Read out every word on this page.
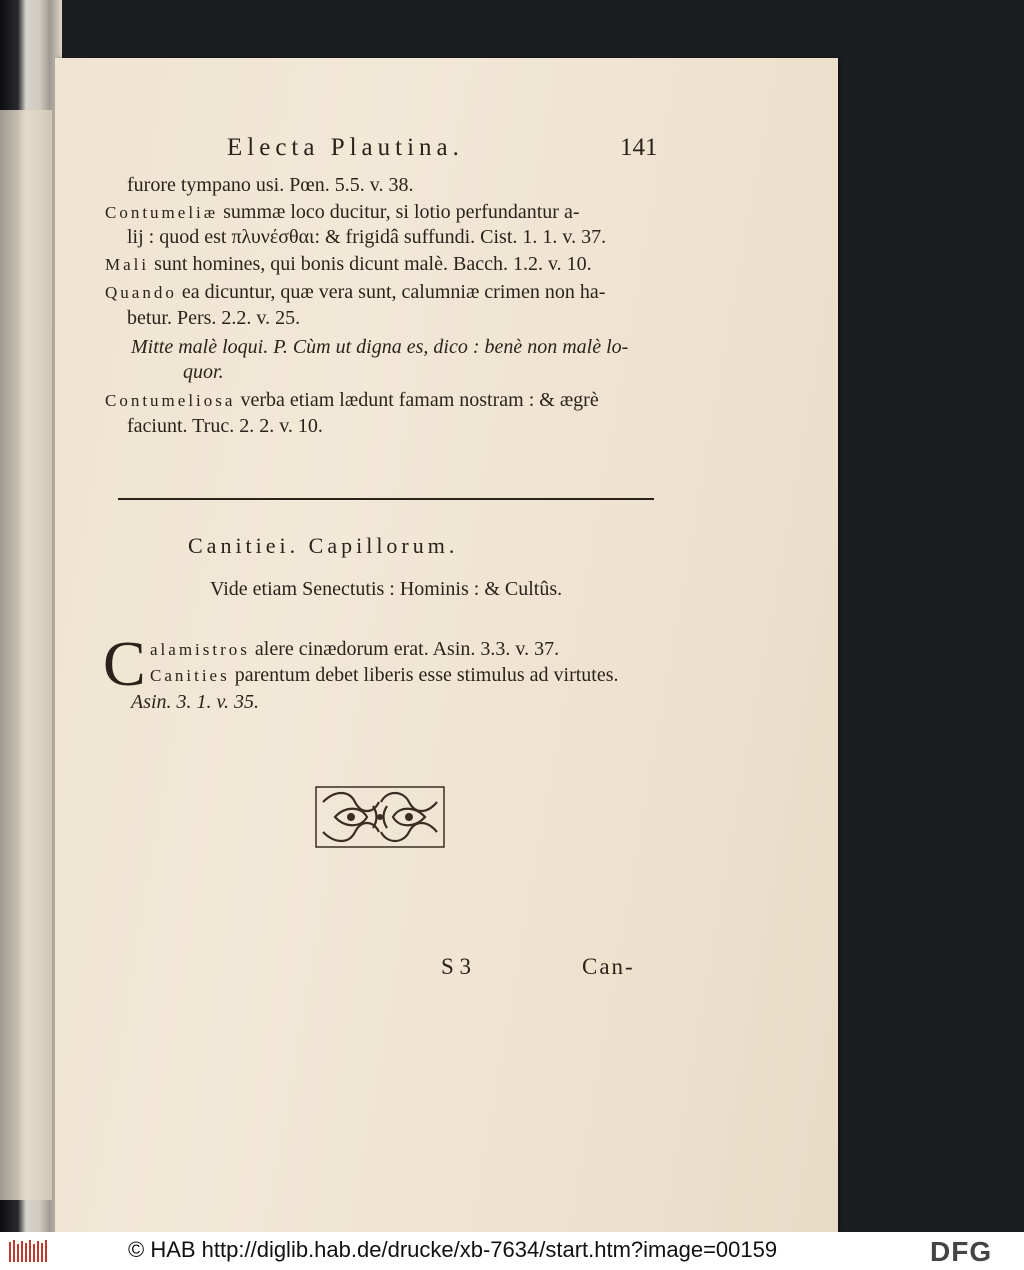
Electa Plautina.	141
furore tympano usi. Pœn. 5.5. v. 38.
Contumeliæ summæ loco ducitur, si lotio perfundantur a-
lij : quod est πλυνέσθαι: & frigidâ suffundi. Cist. 1. 1. v. 37.
Mali sunt homines, qui bonis dicunt malè. Bacch. 1.2. v. 10.
Quando ea dicuntur, quæ vera sunt, calumniæ crimen non ha-
betur. Pers. 2.2. v. 25.
Mitte malè loqui. P. Cùm ut digna es, dico : benè non malè lo-
quor.
Contumeliosa verba etiam lædunt famam nostram : & ægrè
faciunt. Truc. 2. 2. v. 10.
Canitiei. Capillorum.
Vide etiam Senectutis : Hominis : & Cultûs.
C alamistros alere cinædorum erat. Asin. 3.3. v. 37.
Canities parentum debet liberis esse stimulus ad virtutes.
Asin. 3. 1. v. 35.
S 3	Can-
© HAB http://diglib.hab.de/drucke/xb-7634/start.htm?image=00159	DFG
